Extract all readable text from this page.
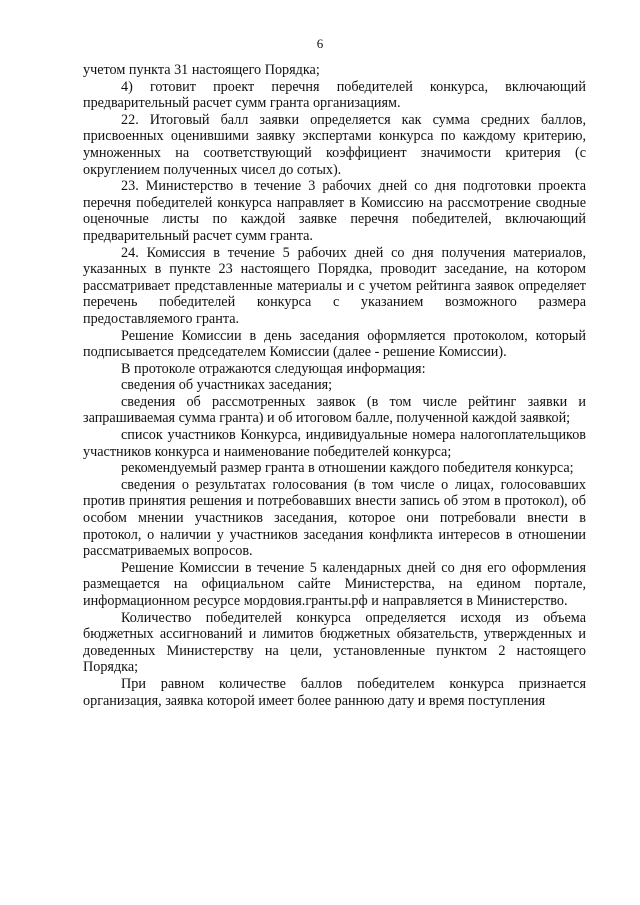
6

учетом пункта 31 настоящего Порядка;

4) готовит проект перечня победителей конкурса, включающий предварительный расчет сумм гранта организациям.

22. Итоговый балл заявки определяется как сумма средних баллов, присвоенных оценившими заявку экспертами конкурса по каждому критерию, умноженных на соответствующий коэффициент значимости критерия (с округлением полученных чисел до сотых).

23. Министерство в течение 3 рабочих дней со дня подготовки проекта перечня победителей конкурса направляет в Комиссию на рассмотрение сводные оценочные листы по каждой заявке перечня победителей, включающий предварительный расчет сумм гранта.

24. Комиссия в течение 5 рабочих дней со дня получения материалов, указанных в пункте 23 настоящего Порядка, проводит заседание, на котором рассматривает представленные материалы и с учетом рейтинга заявок определяет перечень победителей конкурса с указанием возможного размера предоставляемого гранта.

Решение Комиссии в день заседания оформляется протоколом, который подписывается председателем Комиссии (далее - решение Комиссии).

В протоколе отражаются следующая информация:

сведения об участниках заседания;

сведения об рассмотренных заявок (в том числе рейтинг заявки и запрашиваемая сумма гранта) и об итоговом балле, полученной каждой заявкой;

список участников Конкурса, индивидуальные номера налогоплательщиков участников конкурса и наименование победителей конкурса;

рекомендуемый размер гранта в отношении каждого победителя конкурса;

сведения о результатах голосования (в том числе о лицах, голосовавших против принятия решения и потребовавших внести запись об этом в протокол), об особом мнении участников заседания, которое они потребовали внести в протокол, о наличии у участников заседания конфликта интересов в отношении рассматриваемых вопросов.

Решение Комиссии в течение 5 календарных дней со дня его оформления размещается на официальном сайте Министерства, на едином портале, информационном ресурсе мордовия.гранты.рф и направляется в Министерство.

Количество победителей конкурса определяется исходя из объема бюджетных ассигнований и лимитов бюджетных обязательств, утвержденных и доведенных Министерству на цели, установленные пунктом 2 настоящего Порядка;

При равном количестве баллов победителем конкурса признается организация, заявка которой имеет более раннюю дату и время поступления
